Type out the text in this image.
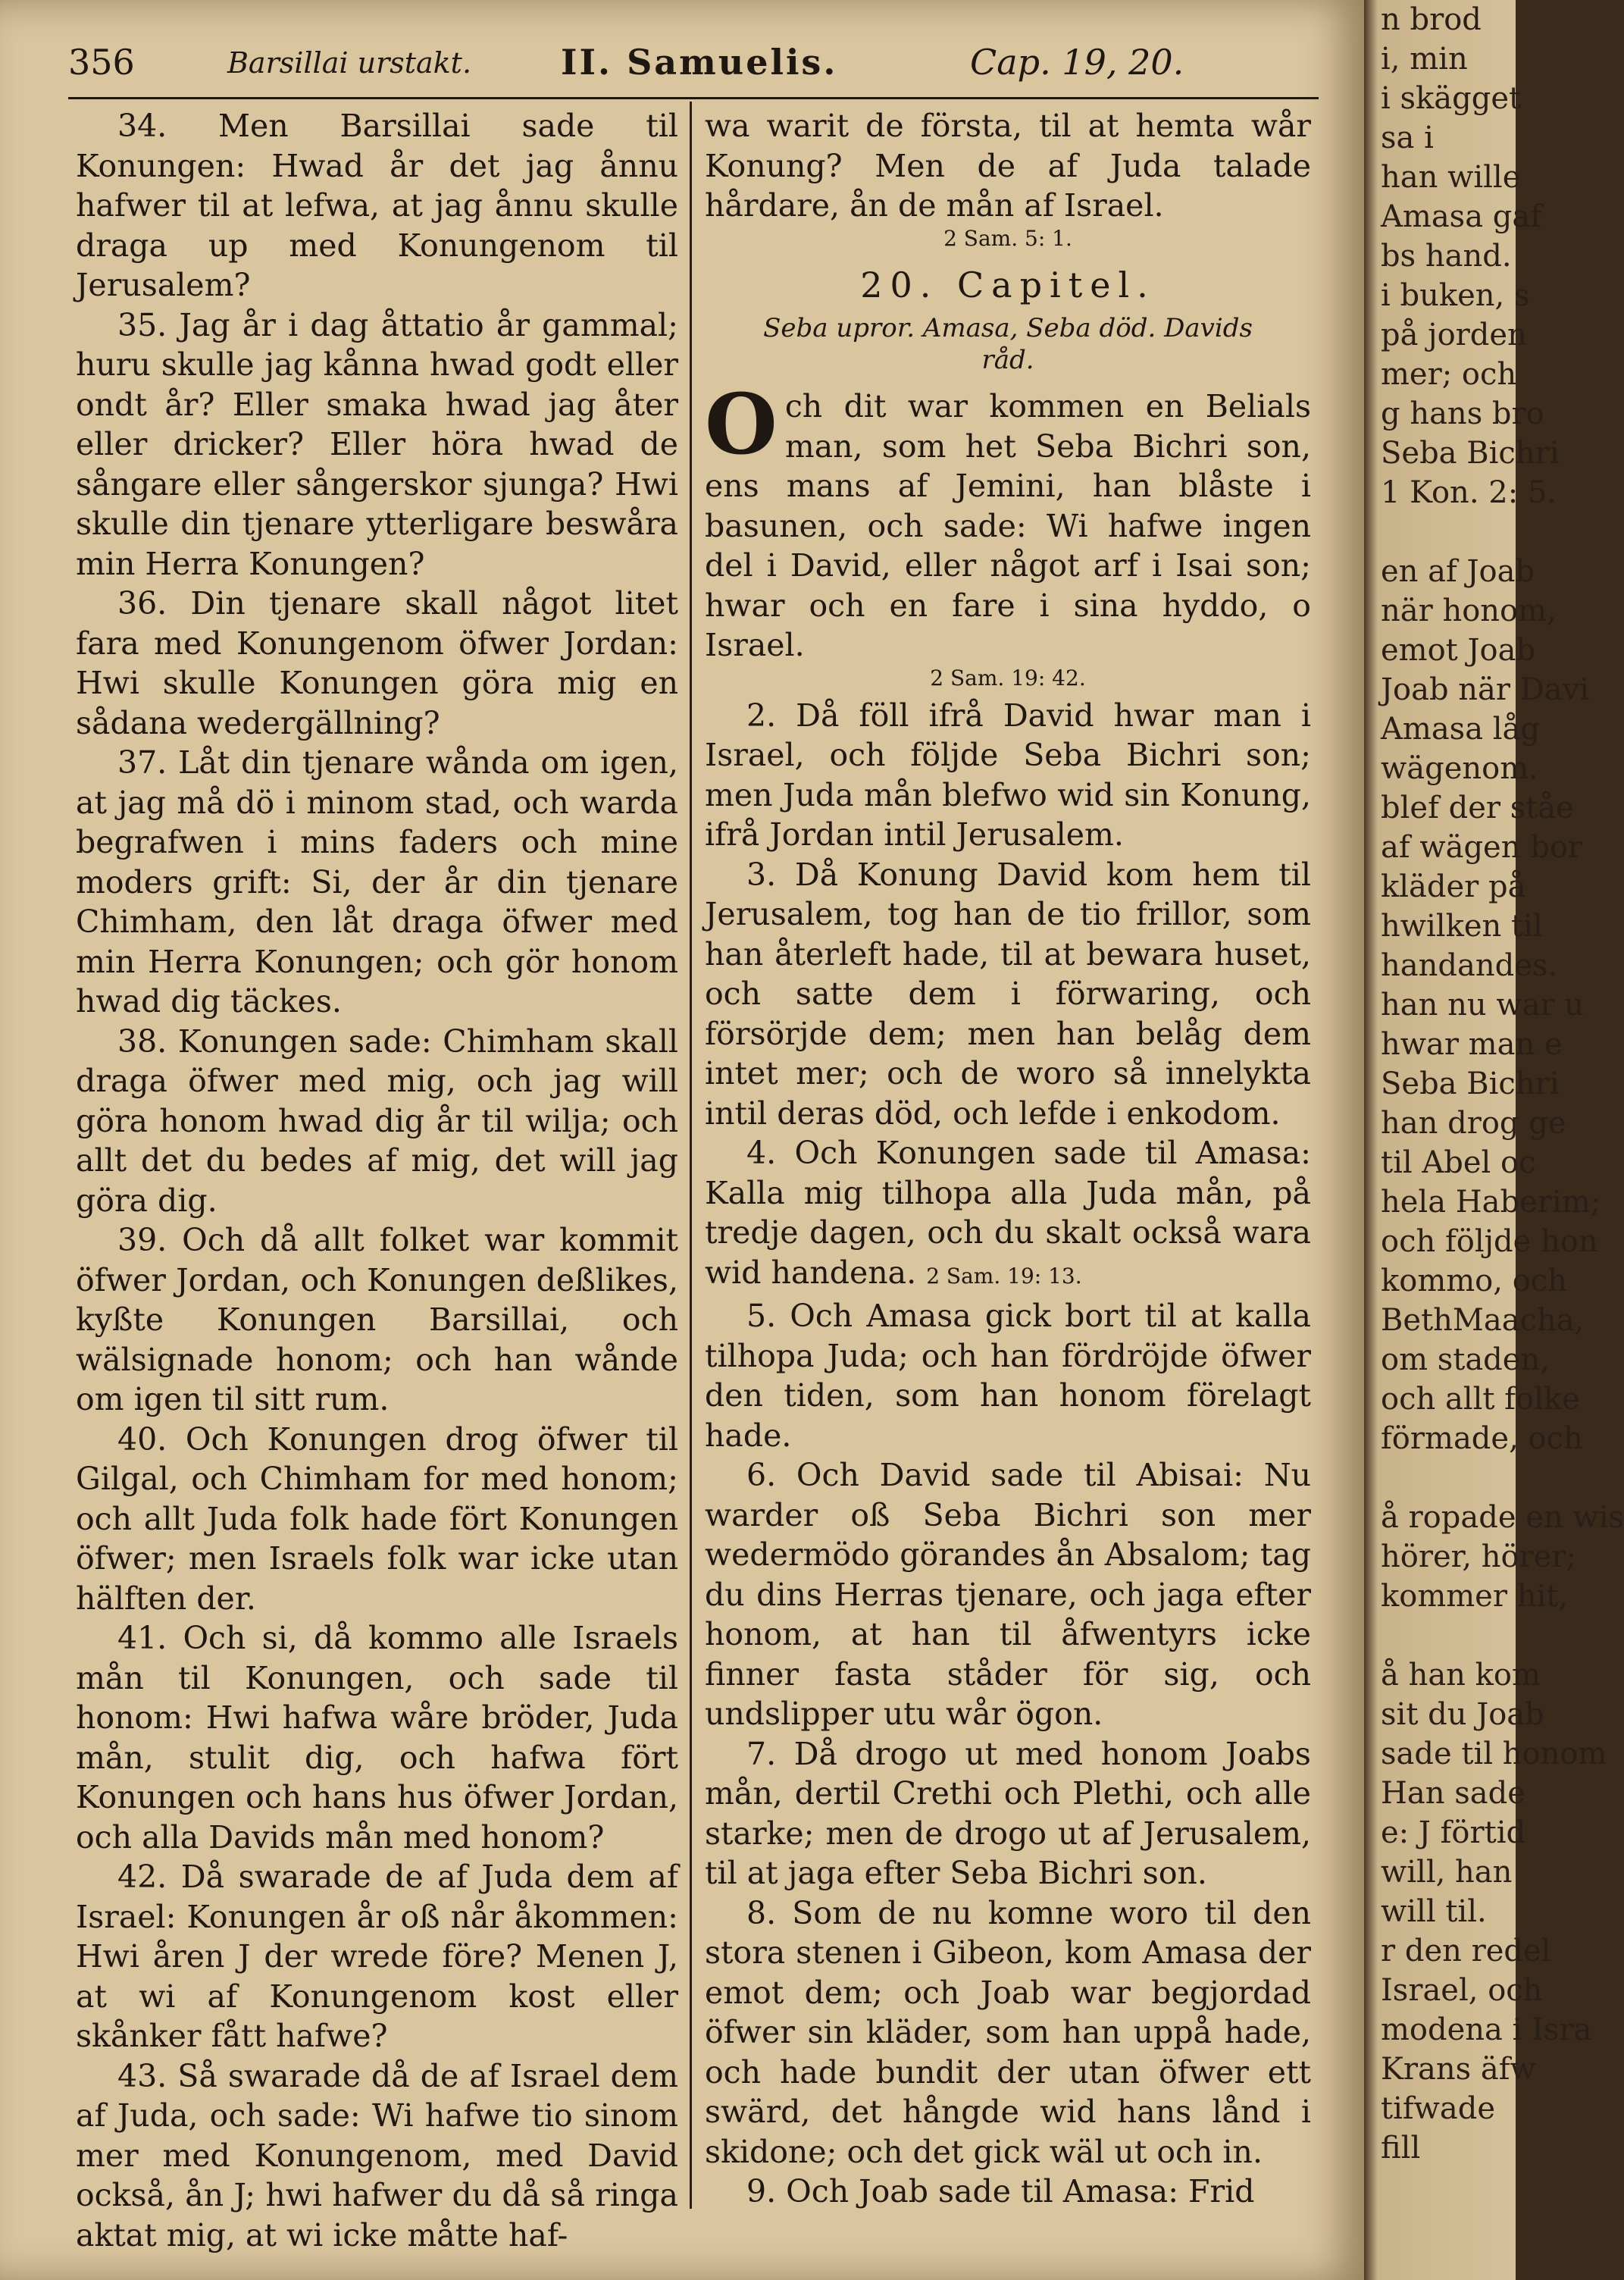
356	Barsillai urstakt.	II. Samuelis.	Cap. 19, 20.

34. Men Barsillai sade til Konungen: Hwad år det jag ånnu hafwer til at lefwa, at jag ånnu skulle draga up med Konungenom til Jerusalem?

35. Jag år i dag åttatio år gammal; huru skulle jag kånna hwad godt eller ondt år? Eller smaka hwad jag åter eller dricker? Eller höra hwad de sångare eller sångerskor sjunga? Hwi skulle din tjenare ytterligare beswåra min Herra Konungen?

36. Din tjenare skall något litet fara med Konungenom öfwer Jordan: Hwi skulle Konungen göra mig en sådana wedergällning?

37. Låt din tjenare wånda om igen, at jag må dö i minom stad, och warda begrafwen i mins faders och mine moders grift: Si, der år din tjenare Chimham, den låt draga öfwer med min Herra Konungen; och gör honom hwad dig täckes.

38. Konungen sade: Chimham skall draga öfwer med mig, och jag will göra honom hwad dig år til wilja; och allt det du bedes af mig, det will jag göra dig.

39. Och då allt folket war kommit öfwer Jordan, och Konungen deßlikes, kyßte Konungen Barsillai, och wälsignade honom; och han wånde om igen til sitt rum.

40. Och Konungen drog öfwer til Gilgal, och Chimham for med honom; och allt Juda folk hade fört Konungen öfwer; men Israels folk war icke utan hälften der.

41. Och si, då kommo alle Israels mån til Konungen, och sade til honom: Hwi hafwa wåre bröder, Juda mån, stulit dig, och hafwa fört Konungen och hans hus öfwer Jordan, och alla Davids mån med honom?

42. Då swarade de af Juda dem af Israel: Konungen år oß når åkommen: Hwi åren J der wrede före? Menen J, at wi af Konungenom kost eller skånker fått hafwe?

43. Så swarade då de af Israel dem af Juda, och sade: Wi hafwe tio sinom mer med Konungenom, med David också, ån J; hwi hafwer du då så ringa aktat mig, at wi icke måtte haf-

wa warit de första, til at hemta wår Konung? Men de af Juda talade hårdare, ån de mån af Israel.

2 Sam. 5: 1.

20. Capitel.
Seba upror. Amasa, Seba död. Davids råd.

Och dit war kommen en Belials man, som het Seba Bichri son, ens mans af Jemini, han blåste i basunen, och sade: Wi hafwe ingen del i David, eller något arf i Isai son; hwar och en fare i sina hyddo, o Israel.

2 Sam. 19: 42.

2. Då föll ifrå David hwar man i Israel, och följde Seba Bichri son; men Juda mån blefwo wid sin Konung, ifrå Jordan intil Jerusalem.

3. Då Konung David kom hem til Jerusalem, tog han de tio frillor, som han återleft hade, til at bewara huset, och satte dem i förwaring, och försörjde dem; men han belåg dem intet mer; och de woro så innelykta intil deras död, och lefde i enkodom.

4. Och Konungen sade til Amasa: Kalla mig tilhopa alla Juda mån, på tredje dagen, och du skalt också wara wid handena. 2 Sam. 19: 13.

5. Och Amasa gick bort til at kalla tilhopa Juda; och han fördröjde öfwer den tiden, som han honom förelagt hade.

6. Och David sade til Abisai: Nu warder oß Seba Bichri son mer wedermödo görandes ån Absalom; tag du dins Herras tjenare, och jaga efter honom, at han til åfwentyrs icke finner fasta ståder för sig, och undslipper utu wår ögon.

7. Då drogo ut med honom Joabs mån, dertil Crethi och Plethi, och alle starke; men de drogo ut af Jerusalem, til at jaga efter Seba Bichri son.

8. Som de nu komne woro til den stora stenen i Gibeon, kom Amasa der emot dem; och Joab war begjordad öfwer sin kläder, som han uppå hade, och hade bundit der utan öfwer ett swärd, det hångde wid hans lånd i skidone; och det gick wäl ut och in.

9. Och Joab sade til Amasa: Frid

n brod
i, min
i skägget
sa i
han wille
Amasa gaf
bs hand.
i buken, s
på jorden
mer; och
g hans bro
Seba Bichri
1 Kon. 2: 5.

en af Joab
när honom,
emot Joab
Joab när Davi
Amasa låg
wägenom.
blef der ståe
af wägen bor
kläder på
hwilken til
handandes.
han nu war u
hwar man e
Seba Bichri
han drog ge
til Abel oc
hela Haberim;
och följde hon
kommo, och
BethMaacha,
om staden,
och allt folke
förmade, och

å ropade en wis
hörer, hörer;
kommer hit,

å han kom
sit du Joab
sade til honom
Han sade
e: J förtid
will, han
will til.
r den redel
Israel, och
modena i Isra
Krans äfw
tifwade
fill
